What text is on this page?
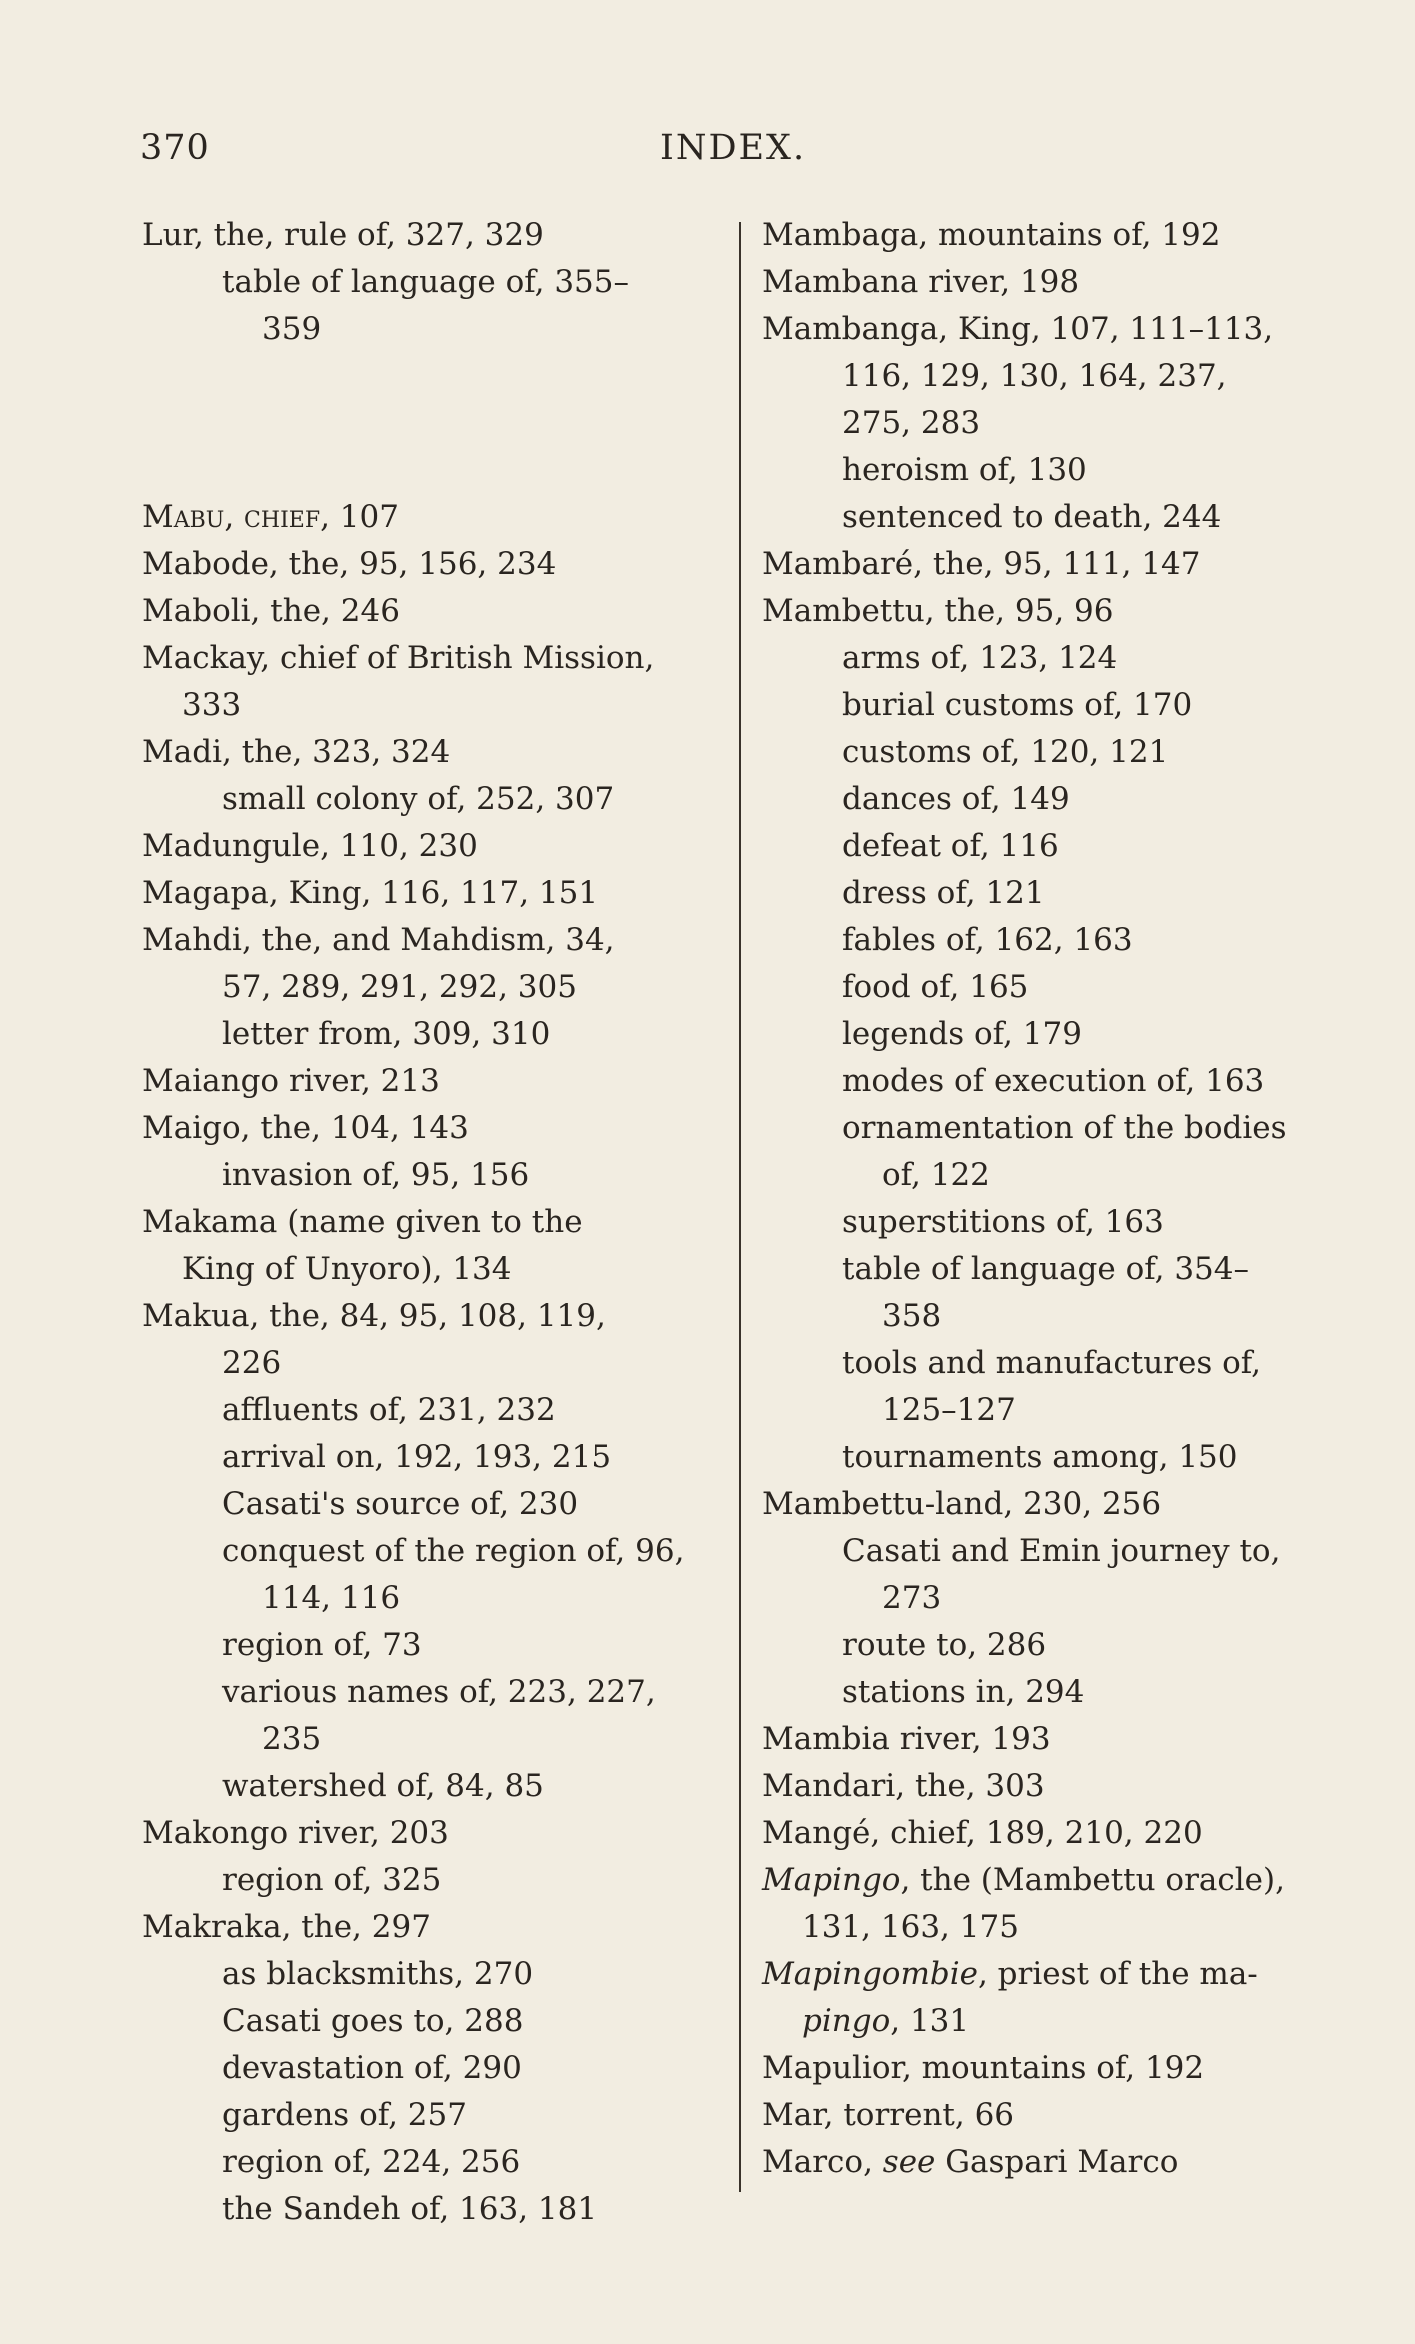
370	INDEX.
Lur, the, rule of, 327, 329
table of language of, 355–
359
Mabu, chief, 107
Mabode, the, 95, 156, 234
Maboli, the, 246
Mackay, chief of British Mission,
333
Madi, the, 323, 324
small colony of, 252, 307
Madungule, 110, 230
Magapa, King, 116, 117, 151
Mahdi, the, and Mahdism, 34,
57, 289, 291, 292, 305
letter from, 309, 310
Maiango river, 213
Maigo, the, 104, 143
invasion of, 95, 156
Makama (name given to the
King of Unyoro), 134
Makua, the, 84, 95, 108, 119,
226
affluents of, 231, 232
arrival on, 192, 193, 215
Casati's source of, 230
conquest of the region of, 96,
114, 116
region of, 73
various names of, 223, 227,
235
watershed of, 84, 85
Makongo river, 203
region of, 325
Makraka, the, 297
as blacksmiths, 270
Casati goes to, 288
devastation of, 290
gardens of, 257
region of, 224, 256
the Sandeh of, 163, 181
Mambaga, mountains of, 192
Mambana river, 198
Mambanga, King, 107, 111–113,
116, 129, 130, 164, 237,
275, 283
heroism of, 130
sentenced to death, 244
Mambaré, the, 95, 111, 147
Mambettu, the, 95, 96
arms of, 123, 124
burial customs of, 170
customs of, 120, 121
dances of, 149
defeat of, 116
dress of, 121
fables of, 162, 163
food of, 165
legends of, 179
modes of execution of, 163
ornamentation of the bodies
of, 122
superstitions of, 163
table of language of, 354–
358
tools and manufactures of,
125–127
tournaments among, 150
Mambettu-land, 230, 256
Casati and Emin journey to,
273
route to, 286
stations in, 294
Mambia river, 193
Mandari, the, 303
Mangé, chief, 189, 210, 220
Mapingo, the (Mambettu oracle),
131, 163, 175
Mapingombie, priest of the ma-
pingo, 131
Mapulior, mountains of, 192
Mar, torrent, 66
Marco, see Gaspari Marco
